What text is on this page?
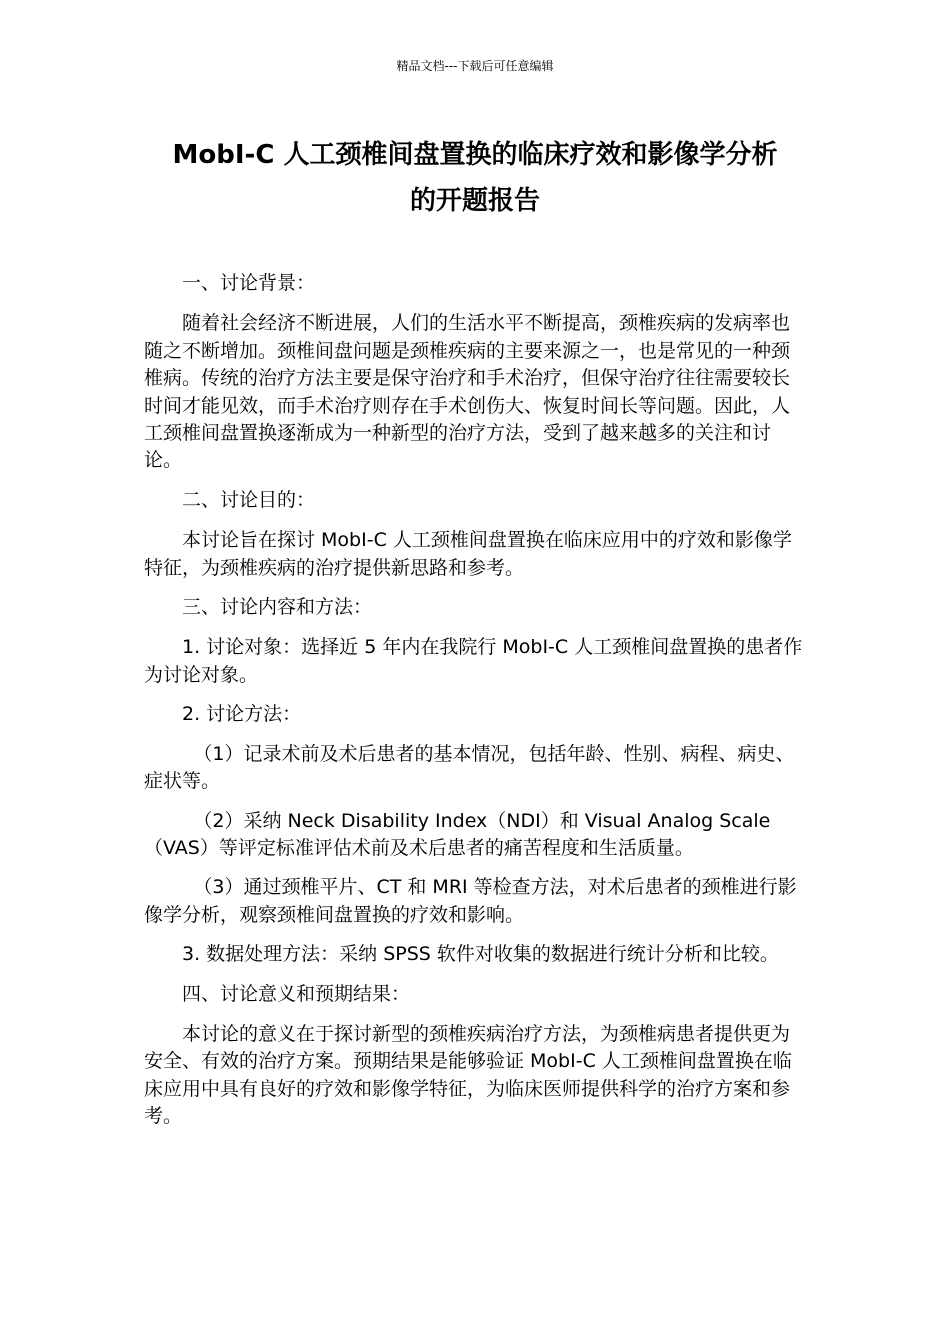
精品文档---下载后可任意编辑
MobI-C 人工颈椎间盘置换的临床疗效和影像学分析
的开题报告

一、讨论背景：

随着社会经济不断进展，人们的生活水平不断提高，颈椎疾病的发病率也随之不断增加。颈椎间盘问题是颈椎疾病的主要来源之一，也是常见的一种颈椎病。传统的治疗方法主要是保守治疗和手术治疗，但保守治疗往往需要较长时间才能见效，而手术治疗则存在手术创伤大、恢复时间长等问题。因此，人工颈椎间盘置换逐渐成为一种新型的治疗方法，受到了越来越多的关注和讨论。

二、讨论目的：

本讨论旨在探讨 MobI-C 人工颈椎间盘置换在临床应用中的疗效和影像学特征，为颈椎疾病的治疗提供新思路和参考。

三、讨论内容和方法：

1. 讨论对象：选择近 5 年内在我院行 MobI-C 人工颈椎间盘置换的患者作为讨论对象。

2. 讨论方法：

（1）记录术前及术后患者的基本情况，包括年龄、性别、病程、病史、症状等。

（2）采纳 Neck Disability Index（NDI）和 Visual Analog Scale（VAS）等评定标准评估术前及术后患者的痛苦程度和生活质量。

（3）通过颈椎平片、CT 和 MRI 等检查方法，对术后患者的颈椎进行影像学分析，观察颈椎间盘置换的疗效和影响。

3. 数据处理方法：采纳 SPSS 软件对收集的数据进行统计分析和比较。

四、讨论意义和预期结果：

本讨论的意义在于探讨新型的颈椎疾病治疗方法，为颈椎病患者提供更为安全、有效的治疗方案。预期结果是能够验证 MobI-C 人工颈椎间盘置换在临床应用中具有良好的疗效和影像学特征，为临床医师提供科学的治疗方案和参考。
